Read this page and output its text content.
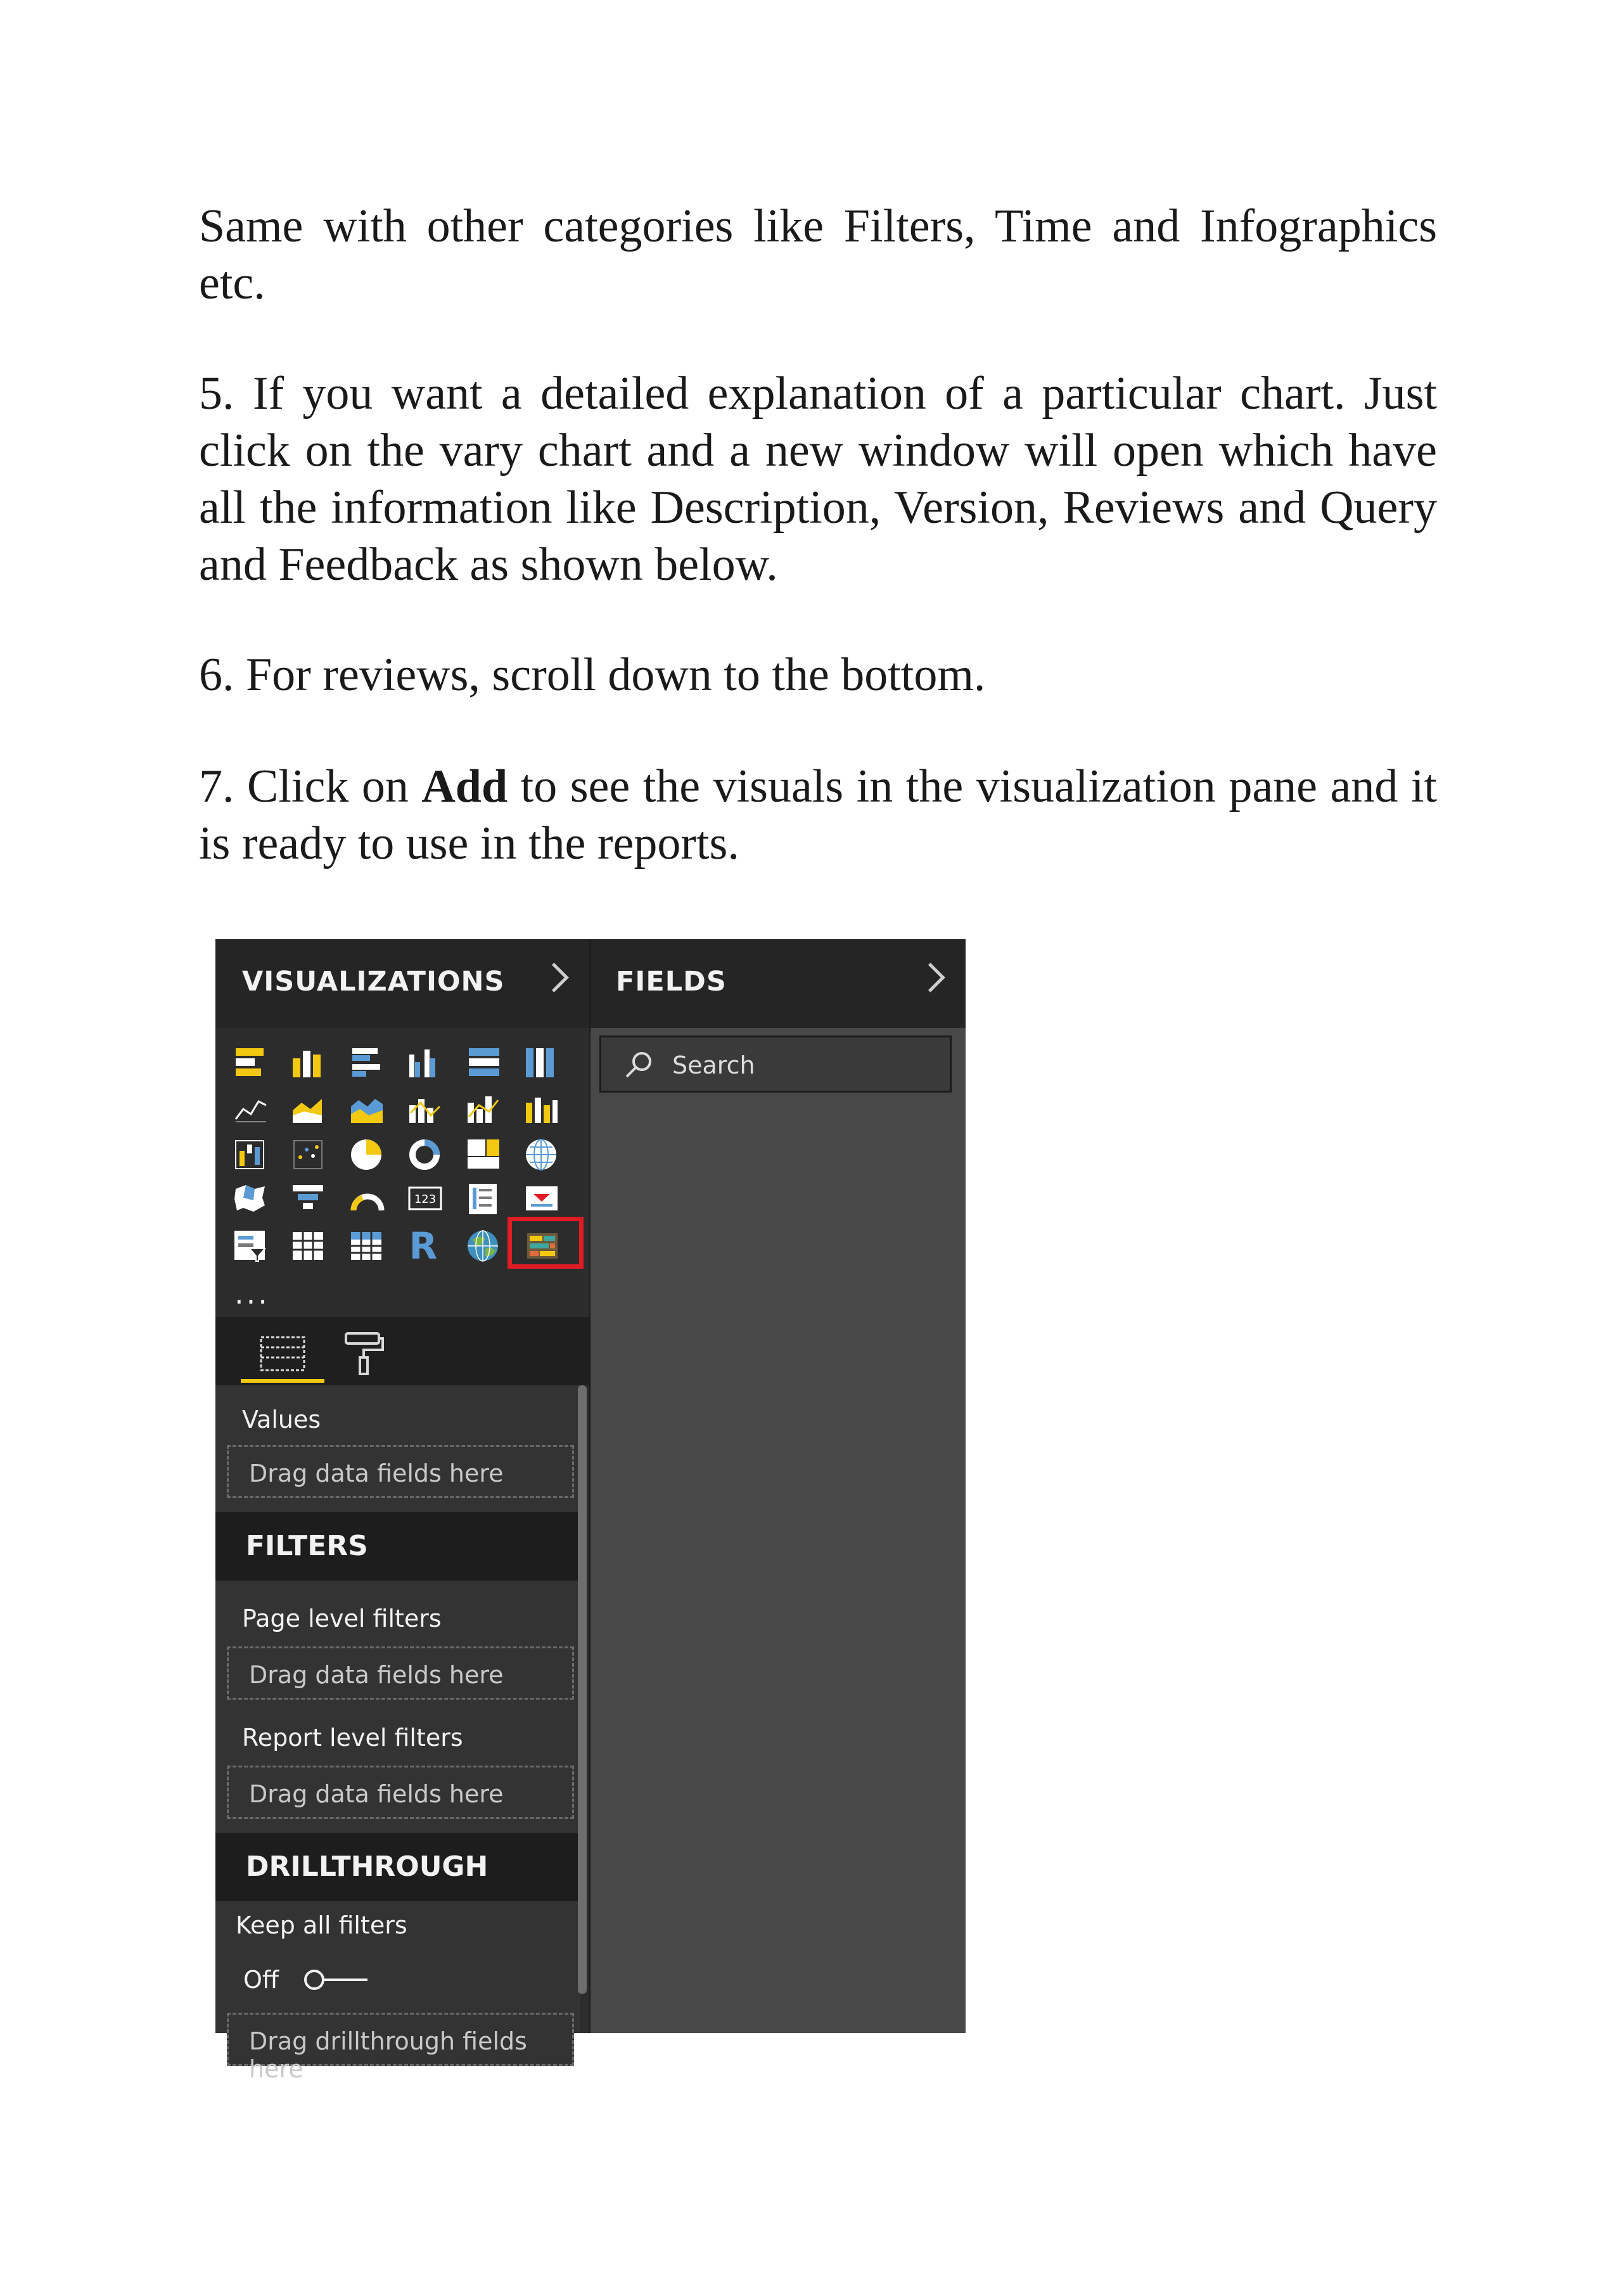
Same with other categories like Filters, Time and Infographics etc.

5. If you want a detailed explanation of a particular chart. Just click on the vary chart and a new window will open which have all the information like Description, Version, Reviews and Query and Feedback as shown below.

6. For reviews, scroll down to the bottom.

7. Click on Add to see the visuals in the visualization pane and it is ready to use in the reports.

VISUALIZATIONS
123
R
...
Values
Drag data fields here
FILTERS
Page level filters
Drag data fields here
Report level filters
Drag data fields here
DRILLTHROUGH
Keep all filters
Off
Drag drillthrough fields here
FIELDS
Search
